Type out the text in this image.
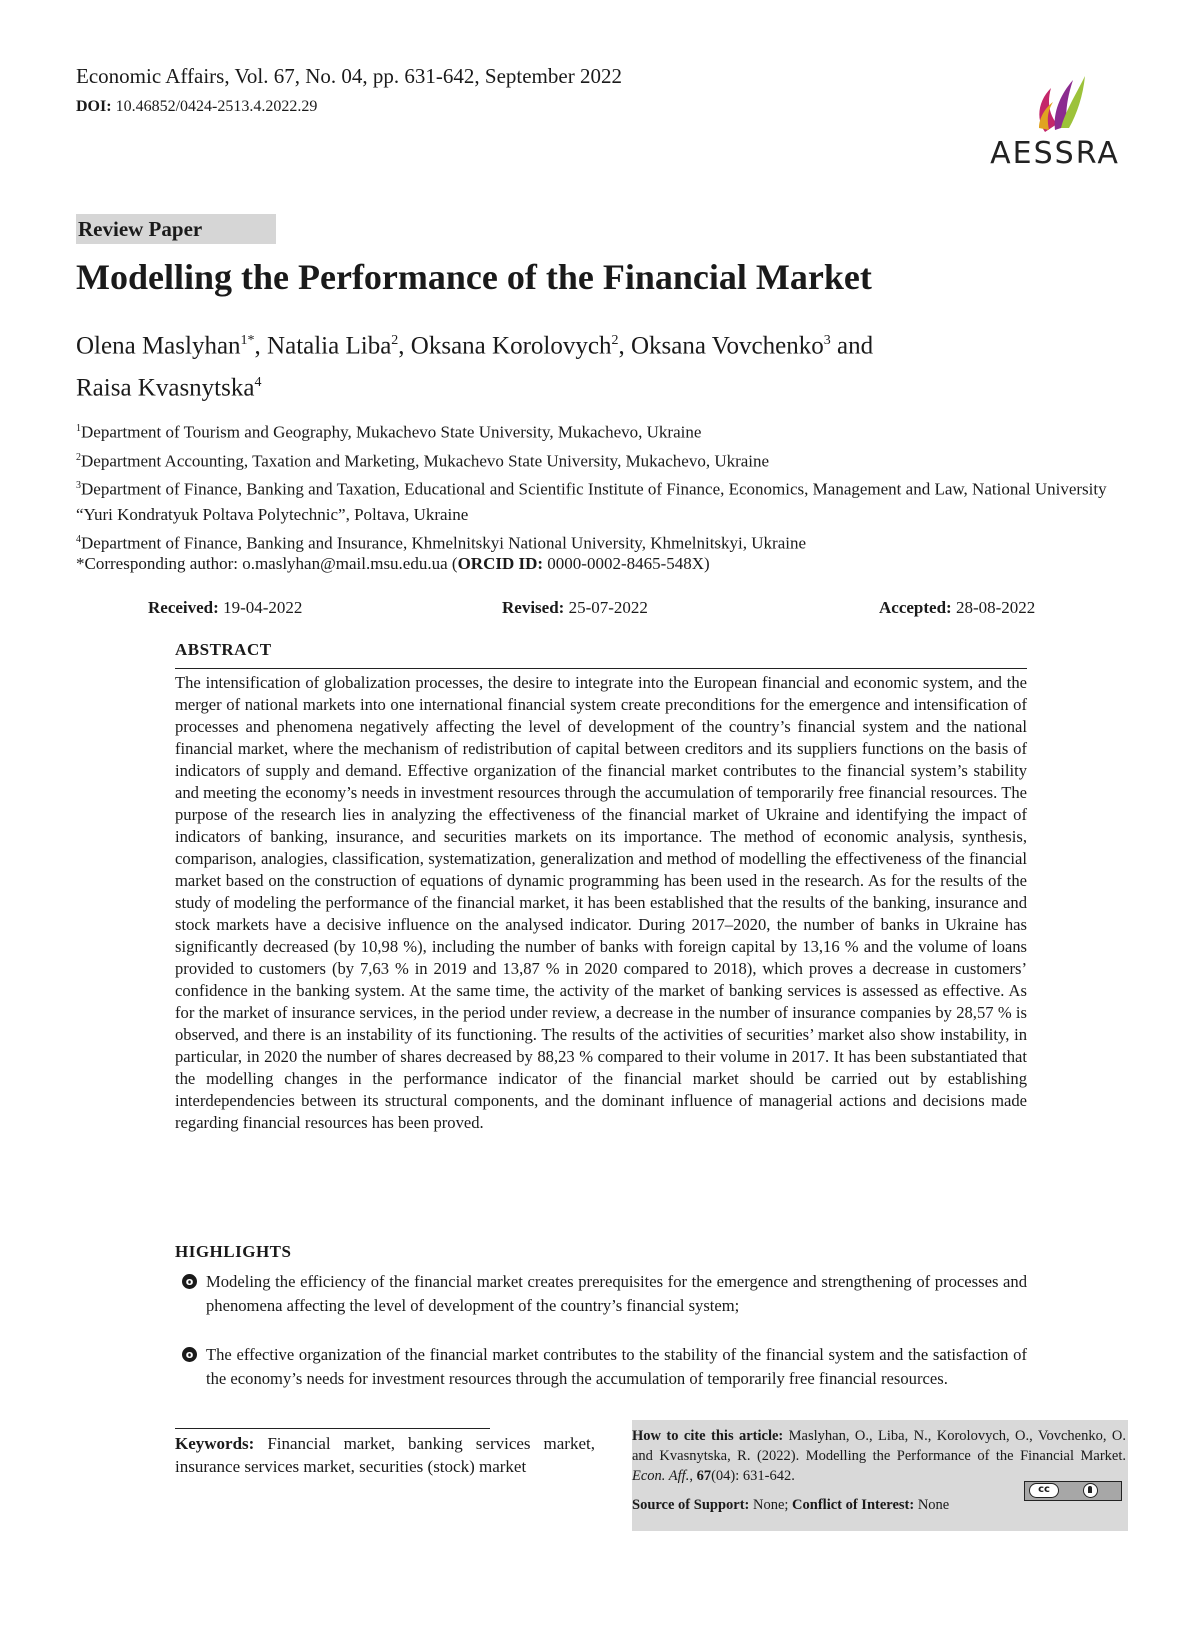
Economic Affairs, Vol. 67, No. 04, pp. 631-642, September 2022
DOI: 10.46852/0424-2513.4.2022.29
AESSRA
Review Paper
Modelling the Performance of the Financial Market
Olena Maslyhan$^{1*}$, Natalia Liba$^2$, Oksana Korolovych$^2$, Oksana Vovchenko$^3$ and
Raisa Kvasnytska$^4$
$^1$Department of Tourism and Geography, Mukachevo State University, Mukachevo, Ukraine
$^2$Department Accounting, Taxation and Marketing, Mukachevo State University, Mukachevo, Ukraine
$^3$Department of Finance, Banking and Taxation, Educational and Scientific Institute of Finance, Economics, Management and Law, National University “Yuri Kondratyuk Poltava Polytechnic”, Poltava, Ukraine
$^4$Department of Finance, Banking and Insurance, Khmelnitskyi National University, Khmelnitskyi, Ukraine
*Corresponding author: o.maslyhan@mail.msu.edu.ua (ORCID ID: 0000-0002-8465-548X)
Received: 19-04-2022	Revised: 25-07-2022	Accepted: 28-08-2022
ABSTRACT
The intensification of globalization processes, the desire to integrate into the European financial and economic system, and the merger of national markets into one international financial system create preconditions for the emergence and intensification of processes and phenomena negatively affecting the level of development of the country’s financial system and the national financial market, where the mechanism of redistribution of capital between creditors and its suppliers functions on the basis of indicators of supply and demand. Effective organization of the financial market contributes to the financial system’s stability and meeting the economy’s needs in investment resources through the accumulation of temporarily free financial resources. The purpose of the research lies in analyzing the effectiveness of the financial market of Ukraine and identifying the impact of indicators of banking, insurance, and securities markets on its importance. The method of economic analysis, synthesis, comparison, analogies, classification, systematization, generalization and method of modelling the effectiveness of the financial market based on the construction of equations of dynamic programming has been used in the research. As for the results of the study of modeling the performance of the financial market, it has been established that the results of the banking, insurance and stock markets have a decisive influence on the analysed indicator. During 2017–2020, the number of banks in Ukraine has significantly decreased (by 10,98 %), including the number of banks with foreign capital by 13,16 % and the volume of loans provided to customers (by 7,63 % in 2019 and 13,87 % in 2020 compared to 2018), which proves a decrease in customers’ confidence in the banking system. At the same time, the activity of the market of banking services is assessed as effective. As for the market of insurance services, in the period under review, a decrease in the number of insurance companies by 28,57 % is observed, and there is an instability of its functioning. The results of the activities of securities’ market also show instability, in particular, in 2020 the number of shares decreased by 88,23 % compared to their volume in 2017. It has been substantiated that the modelling changes in the performance indicator of the financial market should be carried out by establishing interdependencies between its structural components, and the dominant influence of managerial actions and decisions made regarding financial resources has been proved.
HIGHLIGHTS
o Modeling the efficiency of the financial market creates prerequisites for the emergence and strengthening of processes and phenomena affecting the level of development of the country’s financial system;
o The effective organization of the financial market contributes to the stability of the financial system and the satisfaction of the economy’s needs for investment resources through the accumulation of temporarily free financial resources.
Keywords: Financial market, banking services market, insurance services market, securities (stock) market
How to cite this article: Maslyhan, O., Liba, N., Korolovych, O., Vovchenko, O. and Kvasnytska, R. (2022). Modelling the Performance of the Financial Market. Econ. Aff., 67(04): 631-642.
Source of Support: None; Conflict of Interest: None
cc
